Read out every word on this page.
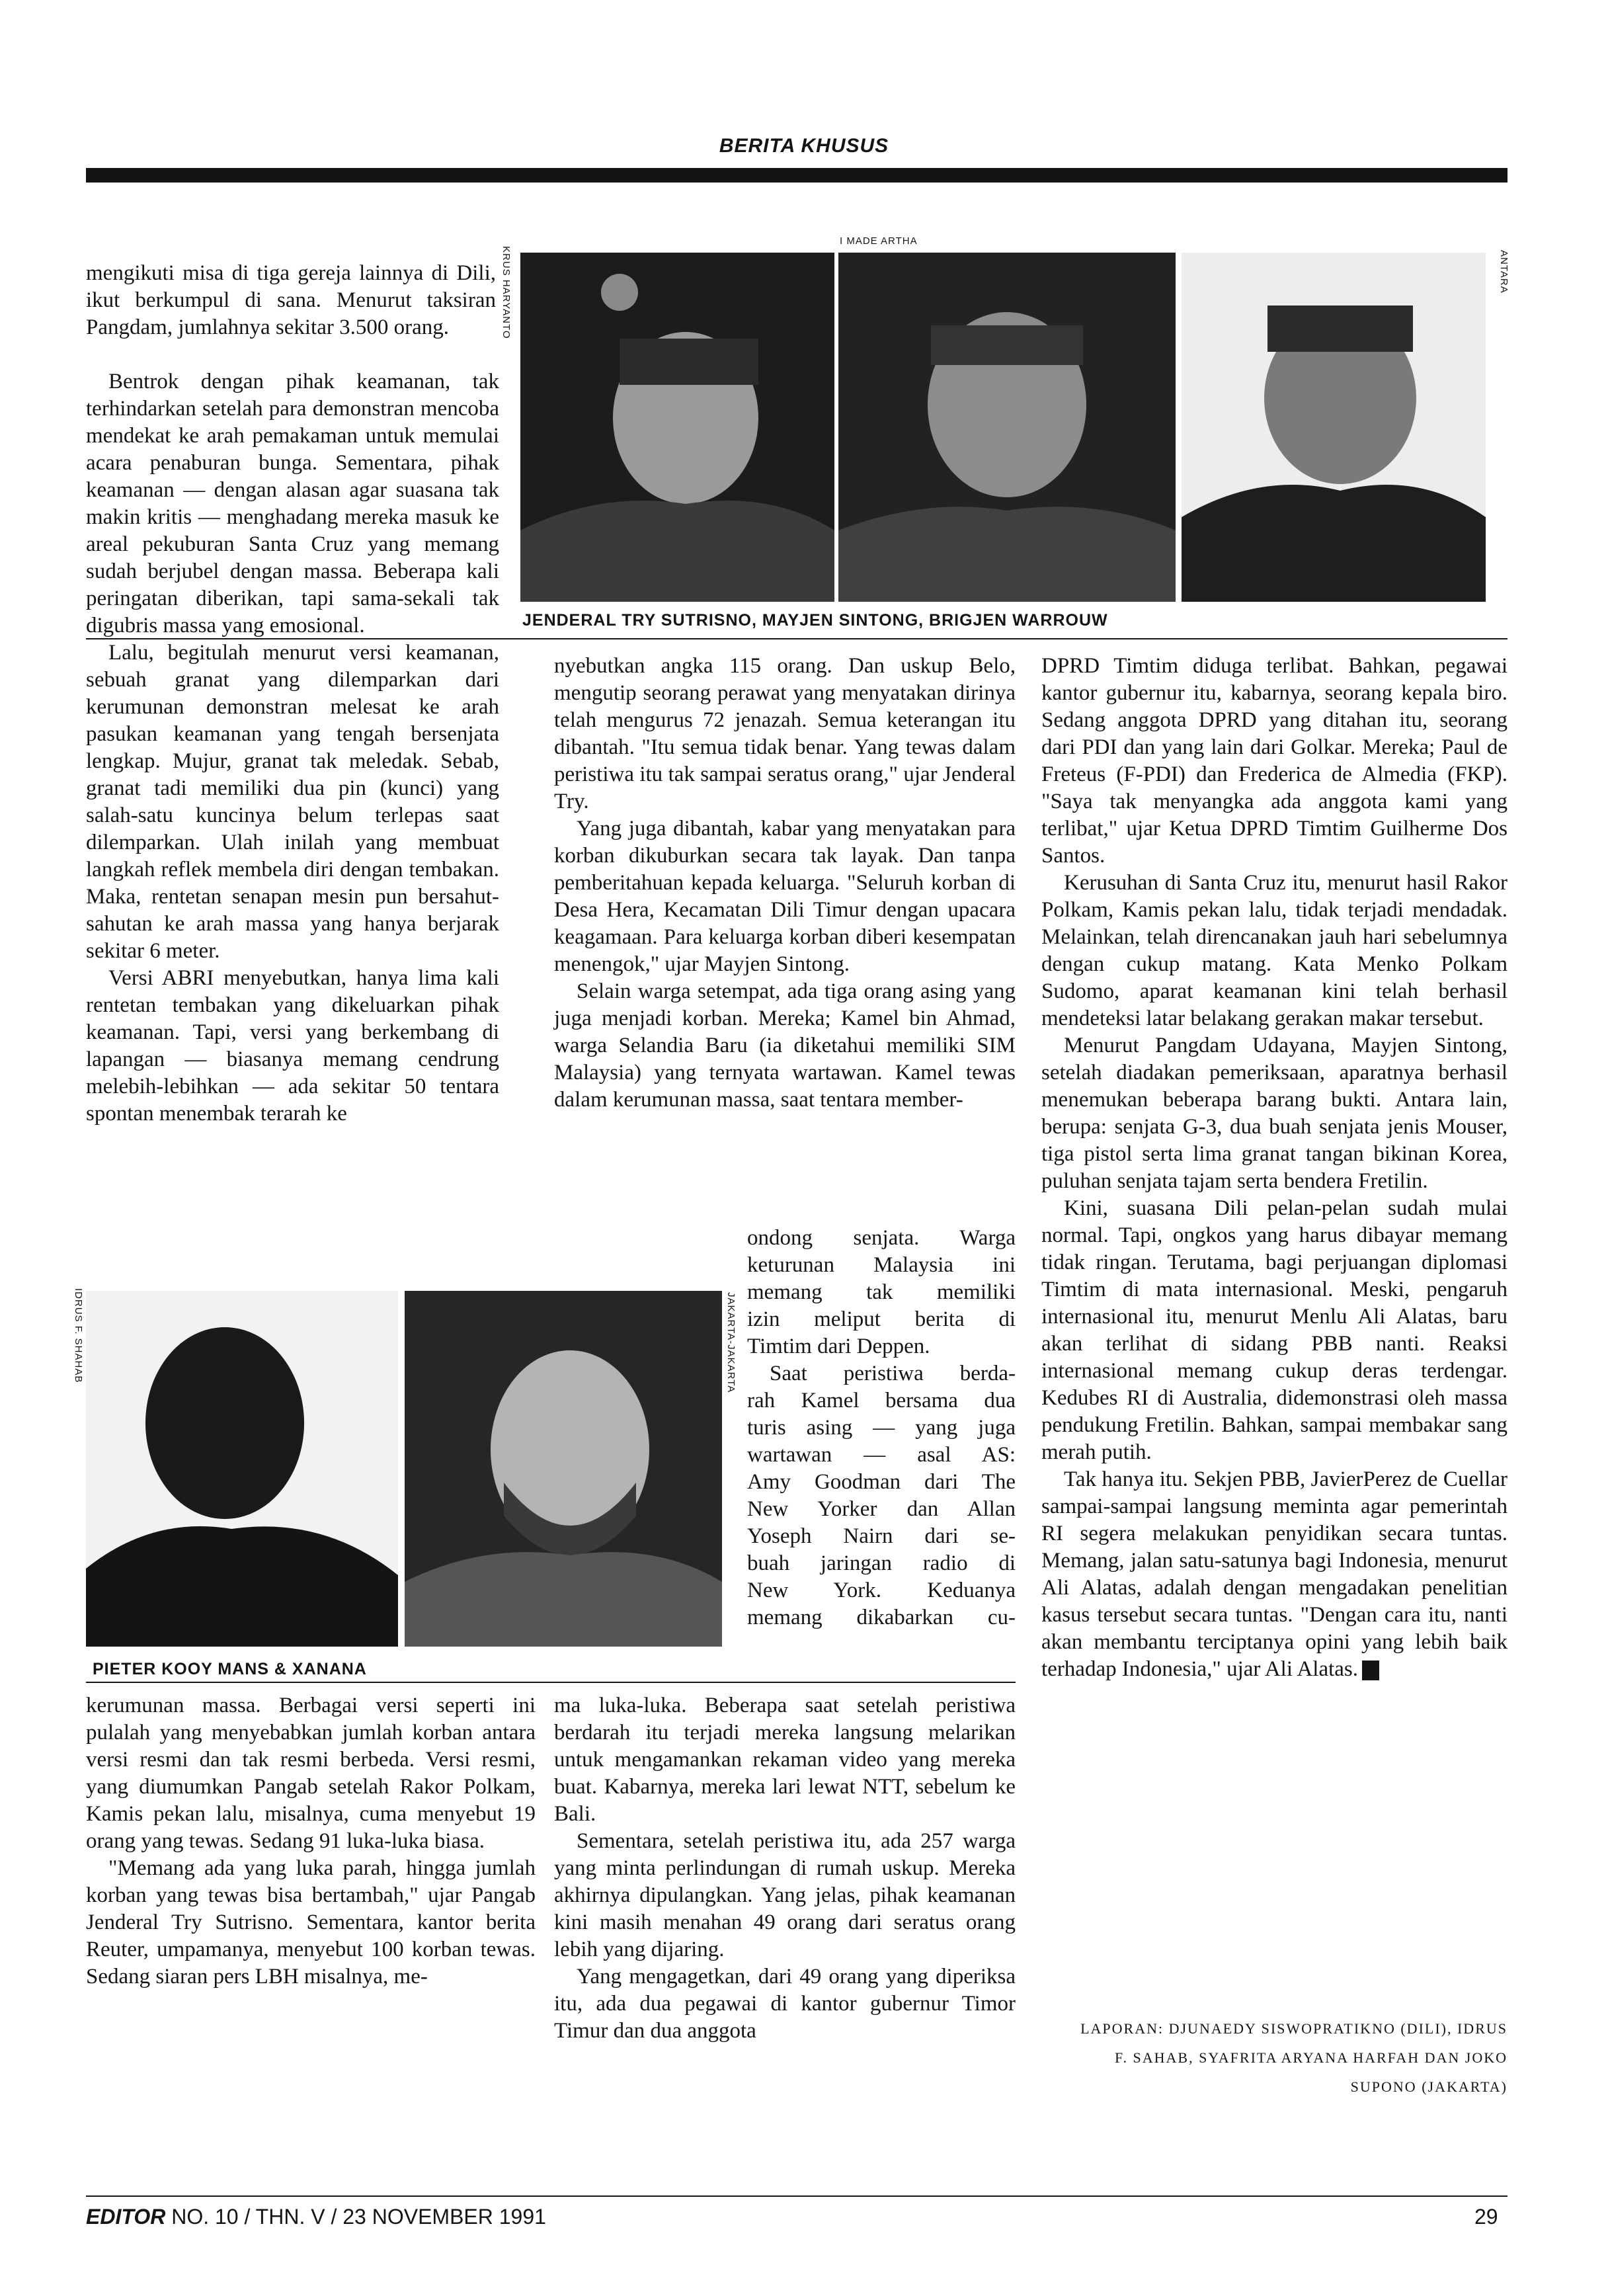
BERITA KHUSUS
I MADE ARTHA
KRUS HARYANTO	ANTARA
JENDERAL TRY SUTRISNO, MAYJEN SINTONG, BRIGJEN WARROUW

mengikuti misa di tiga gereja lainnya di Dili, ikut berkumpul di sana. Menurut taksiran Pangdam, jumlahnya sekitar 3.500 orang.

Bentrok dengan pihak keamanan, tak terhindarkan setelah para demonstran mencoba mendekat ke arah pemakaman untuk memulai acara penaburan bunga. Sementara, pihak keamanan — dengan alasan agar suasana tak makin kritis — menghadang mereka masuk ke areal pekuburan Santa Cruz yang memang sudah berjubel dengan massa. Beberapa kali peringatan diberikan, tapi sama-sekali tak digubris massa yang emosional.

Lalu, begitulah menurut versi keamanan, sebuah granat yang dilemparkan dari kerumunan demonstran melesat ke arah pasukan keamanan yang tengah bersenjata lengkap. Mujur, granat tak meledak. Sebab, granat tadi memiliki dua pin (kunci) yang salah-satu kuncinya belum terlepas saat dilemparkan. Ulah inilah yang membuat langkah reflek membela diri dengan tembakan. Maka, rentetan senapan mesin pun bersahut-sahutan ke arah massa yang hanya berjarak sekitar 6 meter.

Versi ABRI menyebutkan, hanya lima kali rentetan tembakan yang dikeluarkan pihak keamanan. Tapi, versi yang berkembang di lapangan — biasanya memang cendrung melebih-lebihkan — ada sekitar 50 tentara spontan menembak terarah ke

nyebutkan angka 115 orang. Dan uskup Belo, mengutip seorang perawat yang menyatakan dirinya telah mengurus 72 jenazah. Semua keterangan itu dibantah. "Itu semua tidak benar. Yang tewas dalam peristiwa itu tak sampai seratus orang," ujar Jenderal Try.

Yang juga dibantah, kabar yang menyatakan para korban dikuburkan secara tak layak. Dan tanpa pemberitahuan kepada keluarga. "Seluruh korban di Desa Hera, Kecamatan Dili Timur dengan upacara keagamaan. Para keluarga korban diberi kesempatan menengok," ujar Mayjen Sintong.

Selain warga setempat, ada tiga orang asing yang juga menjadi korban. Mereka; Kamel bin Ahmad, warga Selandia Baru (ia diketahui memiliki SIM Malaysia) yang ternyata wartawan. Kamel tewas dalam kerumunan massa, saat tentara member-

ondong senjata. Warga
keturunan Malaysia ini
memang tak memiliki
izin meliput berita di
Timtim dari Deppen.
Saat peristiwa berda-
rah Kamel bersama dua
turis asing — yang juga
wartawan — asal AS:
Amy Goodman dari The
New Yorker dan Allan
Yoseph Nairn dari se-
buah jaringan radio di
New York. Keduanya
memang dikabarkan cu-
IDRUS F. SHAHAB	JAKARTA-JAKARTA
PIETER KOOY MANS & XANANA

kerumunan massa. Berbagai versi seperti ini pulalah yang menyebabkan jumlah korban antara versi resmi dan tak resmi berbeda. Versi resmi, yang diumumkan Pangab setelah Rakor Polkam, Kamis pekan lalu, misalnya, cuma menyebut 19 orang yang tewas. Sedang 91 luka-luka biasa.

"Memang ada yang luka parah, hingga jumlah korban yang tewas bisa bertambah," ujar Pangab Jenderal Try Sutrisno. Sementara, kantor berita Reuter, umpamanya, menyebut 100 korban tewas. Sedang siaran pers LBH misalnya, me-

ma luka-luka. Beberapa saat setelah peristiwa berdarah itu terjadi mereka langsung melarikan untuk mengamankan rekaman video yang mereka buat. Kabarnya, mereka lari lewat NTT, sebelum ke Bali.

Sementara, setelah peristiwa itu, ada 257 warga yang minta perlindungan di rumah uskup. Mereka akhirnya dipulangkan. Yang jelas, pihak keamanan kini masih menahan 49 orang dari seratus orang lebih yang dijaring.

Yang mengagetkan, dari 49 orang yang diperiksa itu, ada dua pegawai di kantor gubernur Timor Timur dan dua anggota

DPRD Timtim diduga terlibat. Bahkan, pegawai kantor gubernur itu, kabarnya, seorang kepala biro. Sedang anggota DPRD yang ditahan itu, seorang dari PDI dan yang lain dari Golkar. Mereka; Paul de Freteus (F-PDI) dan Frederica de Almedia (FKP). "Saya tak menyangka ada anggota kami yang terlibat," ujar Ketua DPRD Timtim Guilherme Dos Santos.

Kerusuhan di Santa Cruz itu, menurut hasil Rakor Polkam, Kamis pekan lalu, tidak terjadi mendadak. Melainkan, telah direncanakan jauh hari sebelumnya dengan cukup matang. Kata Menko Polkam Sudomo, aparat keamanan kini telah berhasil mendeteksi latar belakang gerakan makar tersebut.

Menurut Pangdam Udayana, Mayjen Sintong, setelah diadakan pemeriksaan, aparatnya berhasil menemukan beberapa barang bukti. Antara lain, berupa: senjata G-3, dua buah senjata jenis Mouser, tiga pistol serta lima granat tangan bikinan Korea, puluhan senjata tajam serta bendera Fretilin.

Kini, suasana Dili pelan-pelan sudah mulai normal. Tapi, ongkos yang harus dibayar memang tidak ringan. Terutama, bagi perjuangan diplomasi Timtim di mata internasional. Meski, pengaruh internasional itu, menurut Menlu Ali Alatas, baru akan terlihat di sidang PBB nanti. Reaksi internasional memang cukup deras terdengar. Kedubes RI di Australia, didemonstrasi oleh massa pendukung Fretilin. Bahkan, sampai membakar sang merah putih.

Tak hanya itu. Sekjen PBB, JavierPerez de Cuellar sampai-sampai langsung meminta agar pemerintah RI segera melakukan penyidikan secara tuntas. Memang, jalan satu-satunya bagi Indonesia, menurut Ali Alatas, adalah dengan mengadakan penelitian kasus tersebut secara tuntas. "Dengan cara itu, nanti akan membantu terciptanya opini yang lebih baik terhadap Indonesia," ujar Ali Alatas. E

LAPORAN: DJUNAEDY SISWOPRATIKNO (DILI), IDRUS
F. SAHAB, SYAFRITA ARYANA HARFAH DAN JOKO
SUPONO (JAKARTA)
EDITOR NO. 10 / THN. V / 23 NOVEMBER 1991	29
